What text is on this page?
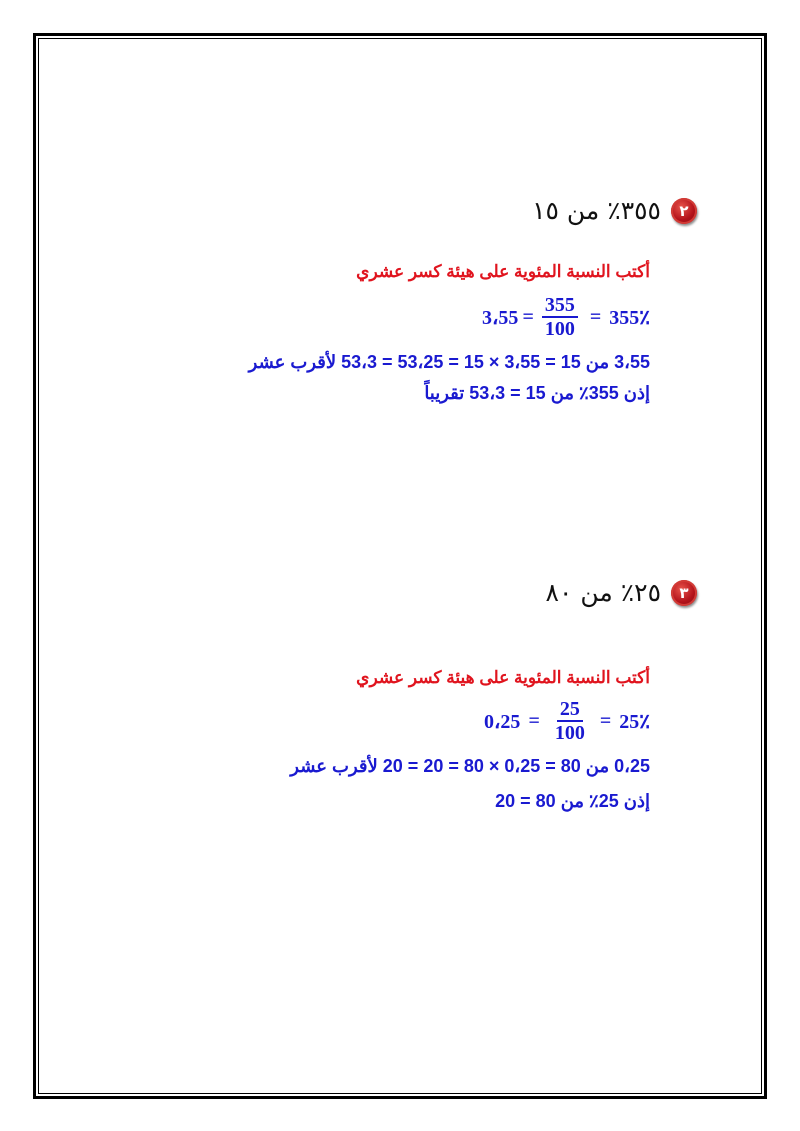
٢
٣٥٥٪ من ١٥
أكتب النسبة المئوية على هيئة كسر عشري
355٪
=
$\frac{355}{100}$
=
3،55
3،55 من 15 = 3،55 × 15 = 53،25 = 53،3 لأقرب عشر
إذن 355٪ من 15 = 53،3 تقريباً
٣
٢٥٪ من ٨٠
أكتب النسبة المئوية على هيئة كسر عشري
25٪
=
$\frac{25}{100}$
=
0،25
0،25 من 80 = 0،25 × 80 = 20 = 20 لأقرب عشر
إذن 25٪ من 80 = 20
